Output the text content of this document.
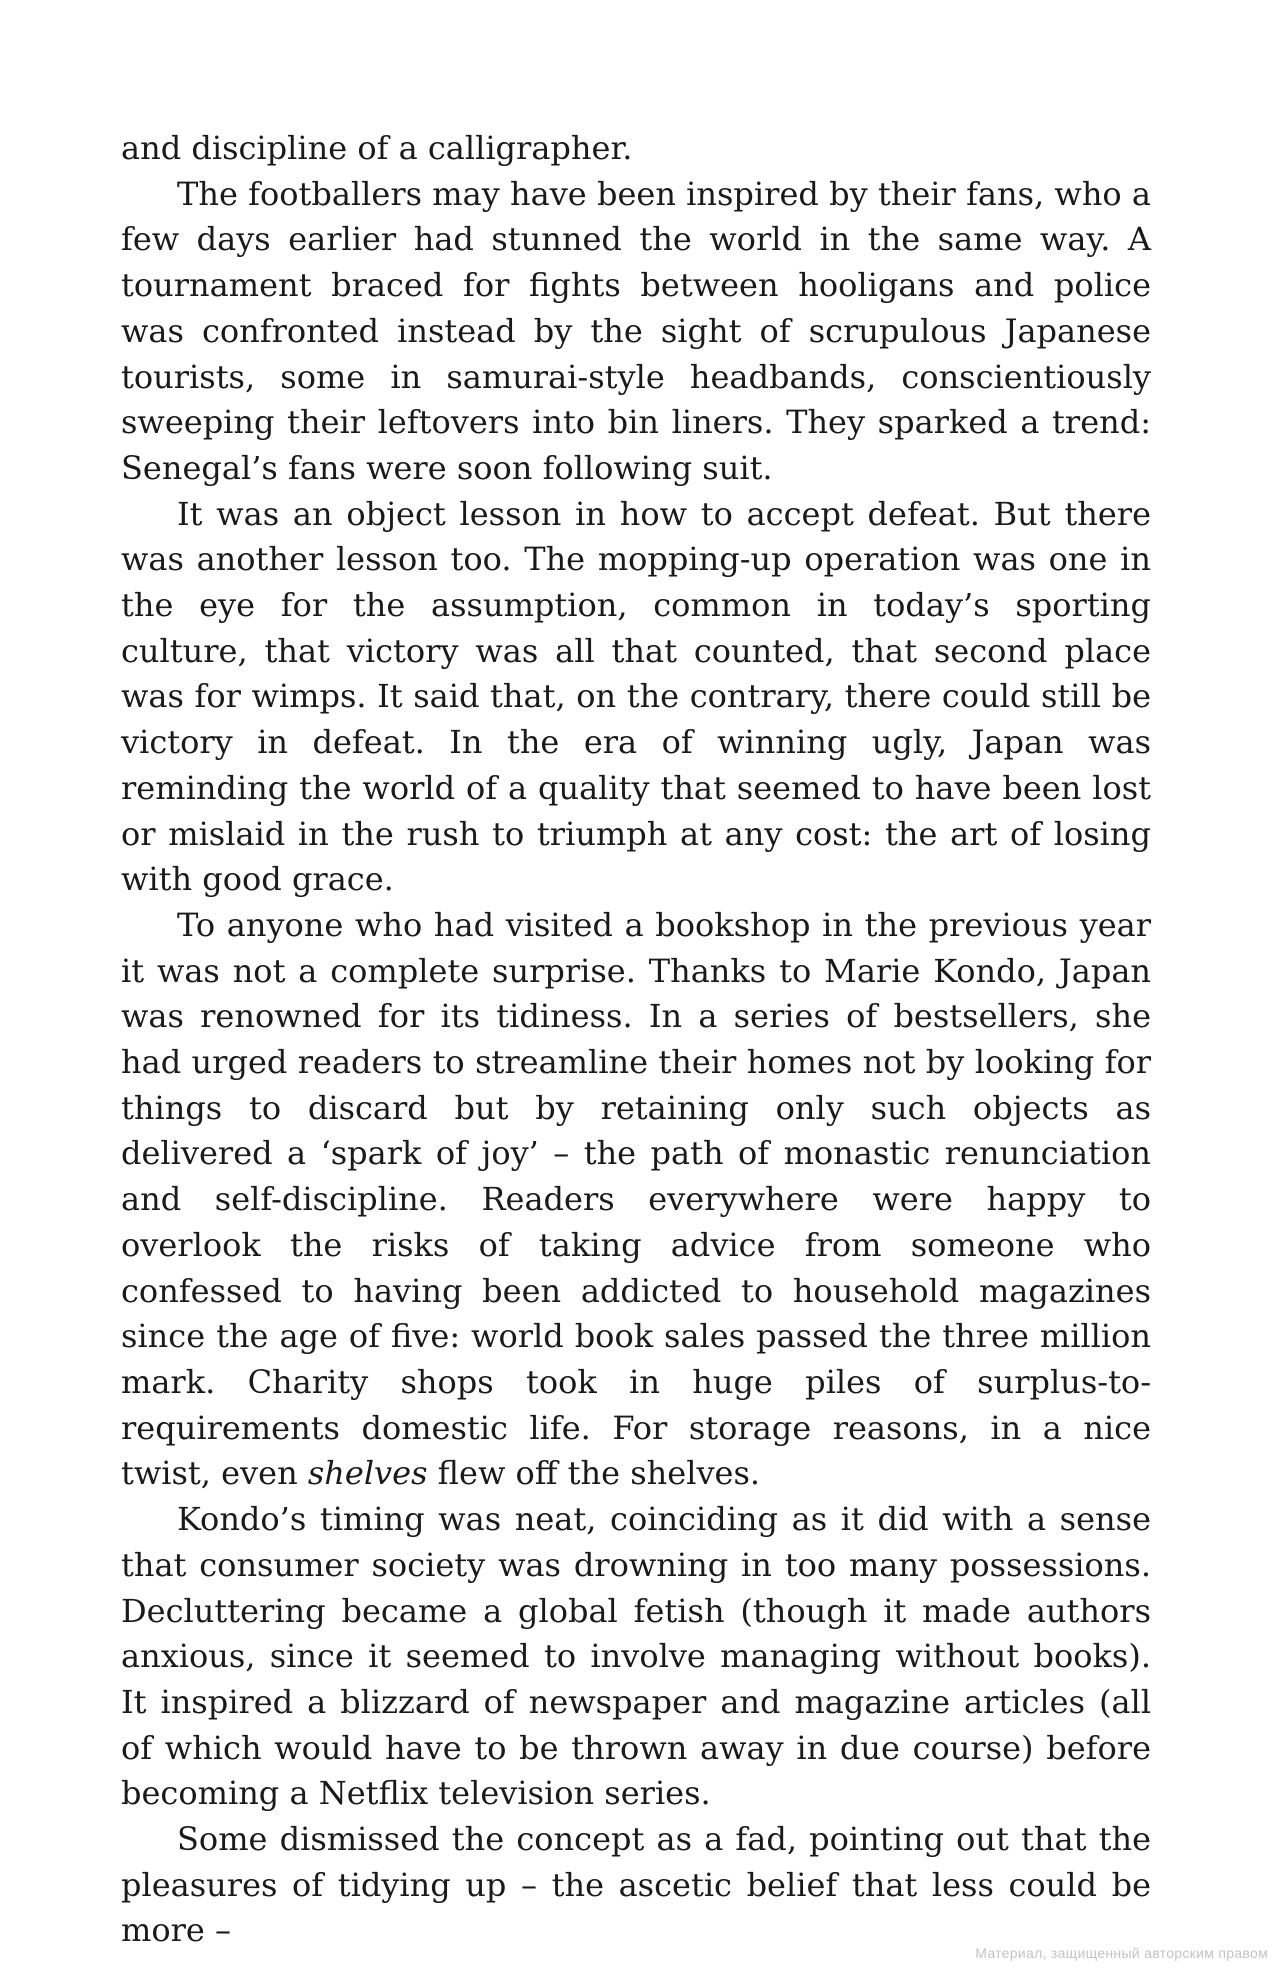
and discipline of a calligrapher.

The footballers may have been inspired by their fans, who a few days earlier had stunned the world in the same way. A tournament braced for fights between hooligans and police was confronted instead by the sight of scrupulous Japanese tourists, some in samurai-style headbands, conscientiously sweeping their leftovers into bin liners. They sparked a trend: Senegal’s fans were soon following suit.

It was an object lesson in how to accept defeat. But there was another lesson too. The mopping-up operation was one in the eye for the assumption, common in today’s sporting culture, that victory was all that counted, that second place was for wimps. It said that, on the contrary, there could still be victory in defeat. In the era of winning ugly, Japan was reminding the world of a quality that seemed to have been lost or mislaid in the rush to triumph at any cost: the art of losing with good grace.

To anyone who had visited a bookshop in the previous year it was not a complete surprise. Thanks to Marie Kondo, Japan was renowned for its tidiness. In a series of bestsellers, she had urged readers to streamline their homes not by looking for things to discard but by retaining only such objects as delivered a ‘spark of joy’ – the path of monastic renunciation and self-discipline. Readers everywhere were happy to overlook the risks of taking advice from someone who confessed to having been addicted to household magazines since the age of five: world book sales passed the three million mark. Charity shops took in huge piles of surplus-to-requirements domestic life. For storage reasons, in a nice twist, even shelves flew off the shelves.

Kondo’s timing was neat, coinciding as it did with a sense that consumer society was drowning in too many possessions. Decluttering became a global fetish (though it made authors anxious, since it seemed to involve managing without books). It inspired a blizzard of newspaper and magazine articles (all of which would have to be thrown away in due course) before becoming a Netflix television series.

Some dismissed the concept as a fad, pointing out that the pleasures of tidying up – the ascetic belief that less could be more –

Материал, защищенный авторским правом
